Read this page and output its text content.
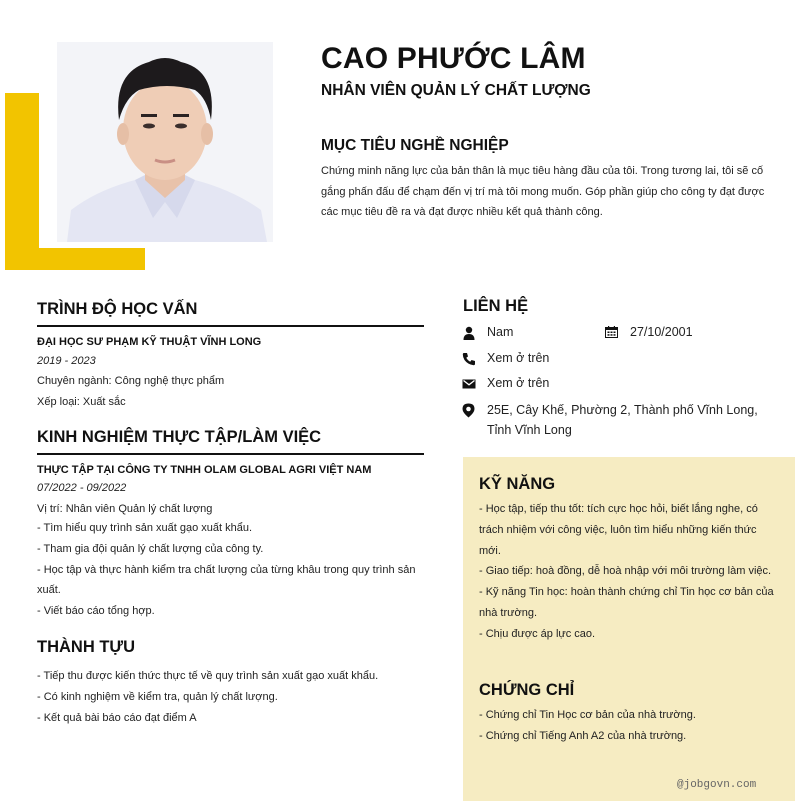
CAO PHƯỚC LÂM
NHÂN VIÊN QUẢN LÝ CHẤT LƯỢNG
MỤC TIÊU NGHỀ NGHIỆP
Chứng minh năng lực của bản thân là mục tiêu hàng đầu của tôi. Trong tương lai, tôi sẽ cố gắng phấn đấu để chạm đến vị trí mà tôi mong muốn. Góp phần giúp cho công ty đạt được các mục tiêu đề ra và đạt được nhiều kết quả thành công.
TRÌNH ĐỘ HỌC VẤN
ĐẠI HỌC SƯ PHẠM KỸ THUẬT VĨNH LONG
2019 - 2023
Chuyên ngành: Công nghệ thực phẩm
Xếp loại: Xuất sắc
KINH NGHIỆM THỰC TẬP/LÀM VIỆC
THỰC TẬP TẠI CÔNG TY TNHH OLAM GLOBAL AGRI VIỆT NAM
07/2022 - 09/2022
Vị trí: Nhân viên Quản lý chất lượng
- Tìm hiểu quy trình sản xuất gạo xuất khẩu.
- Tham gia đội quản lý chất lượng của công ty.
- Học tập và thực hành kiểm tra chất lượng của từng khâu trong quy trình sản xuất.
- Viết báo cáo tổng hợp.
THÀNH TỰU
- Tiếp thu được kiến thức thực tế về quy trình sản xuất gạo xuất khẩu.
- Có kinh nghiệm về kiểm tra, quản lý chất lượng.
- Kết quả bài báo cáo đạt điểm A
LIÊN HỆ
Nam	27/10/2001
Xem ở trên
Xem ở trên
25E, Cây Khế, Phường 2, Thành phố Vĩnh Long, Tỉnh Vĩnh Long
KỸ NĂNG
- Học tập, tiếp thu tốt: tích cực học hỏi, biết lắng nghe, có trách nhiệm với công việc, luôn tìm hiểu những kiến thức mới.
- Giao tiếp: hoà đồng, dễ hoà nhập với môi trường làm việc.
- Kỹ năng Tin học: hoàn thành chứng chỉ Tin học cơ bản của nhà trường.
- Chịu được áp lực cao.
CHỨNG CHỈ
- Chứng chỉ Tin Học cơ bản của nhà trường.
- Chứng chỉ Tiếng Anh A2 của nhà trường.
@jobgovn.com
